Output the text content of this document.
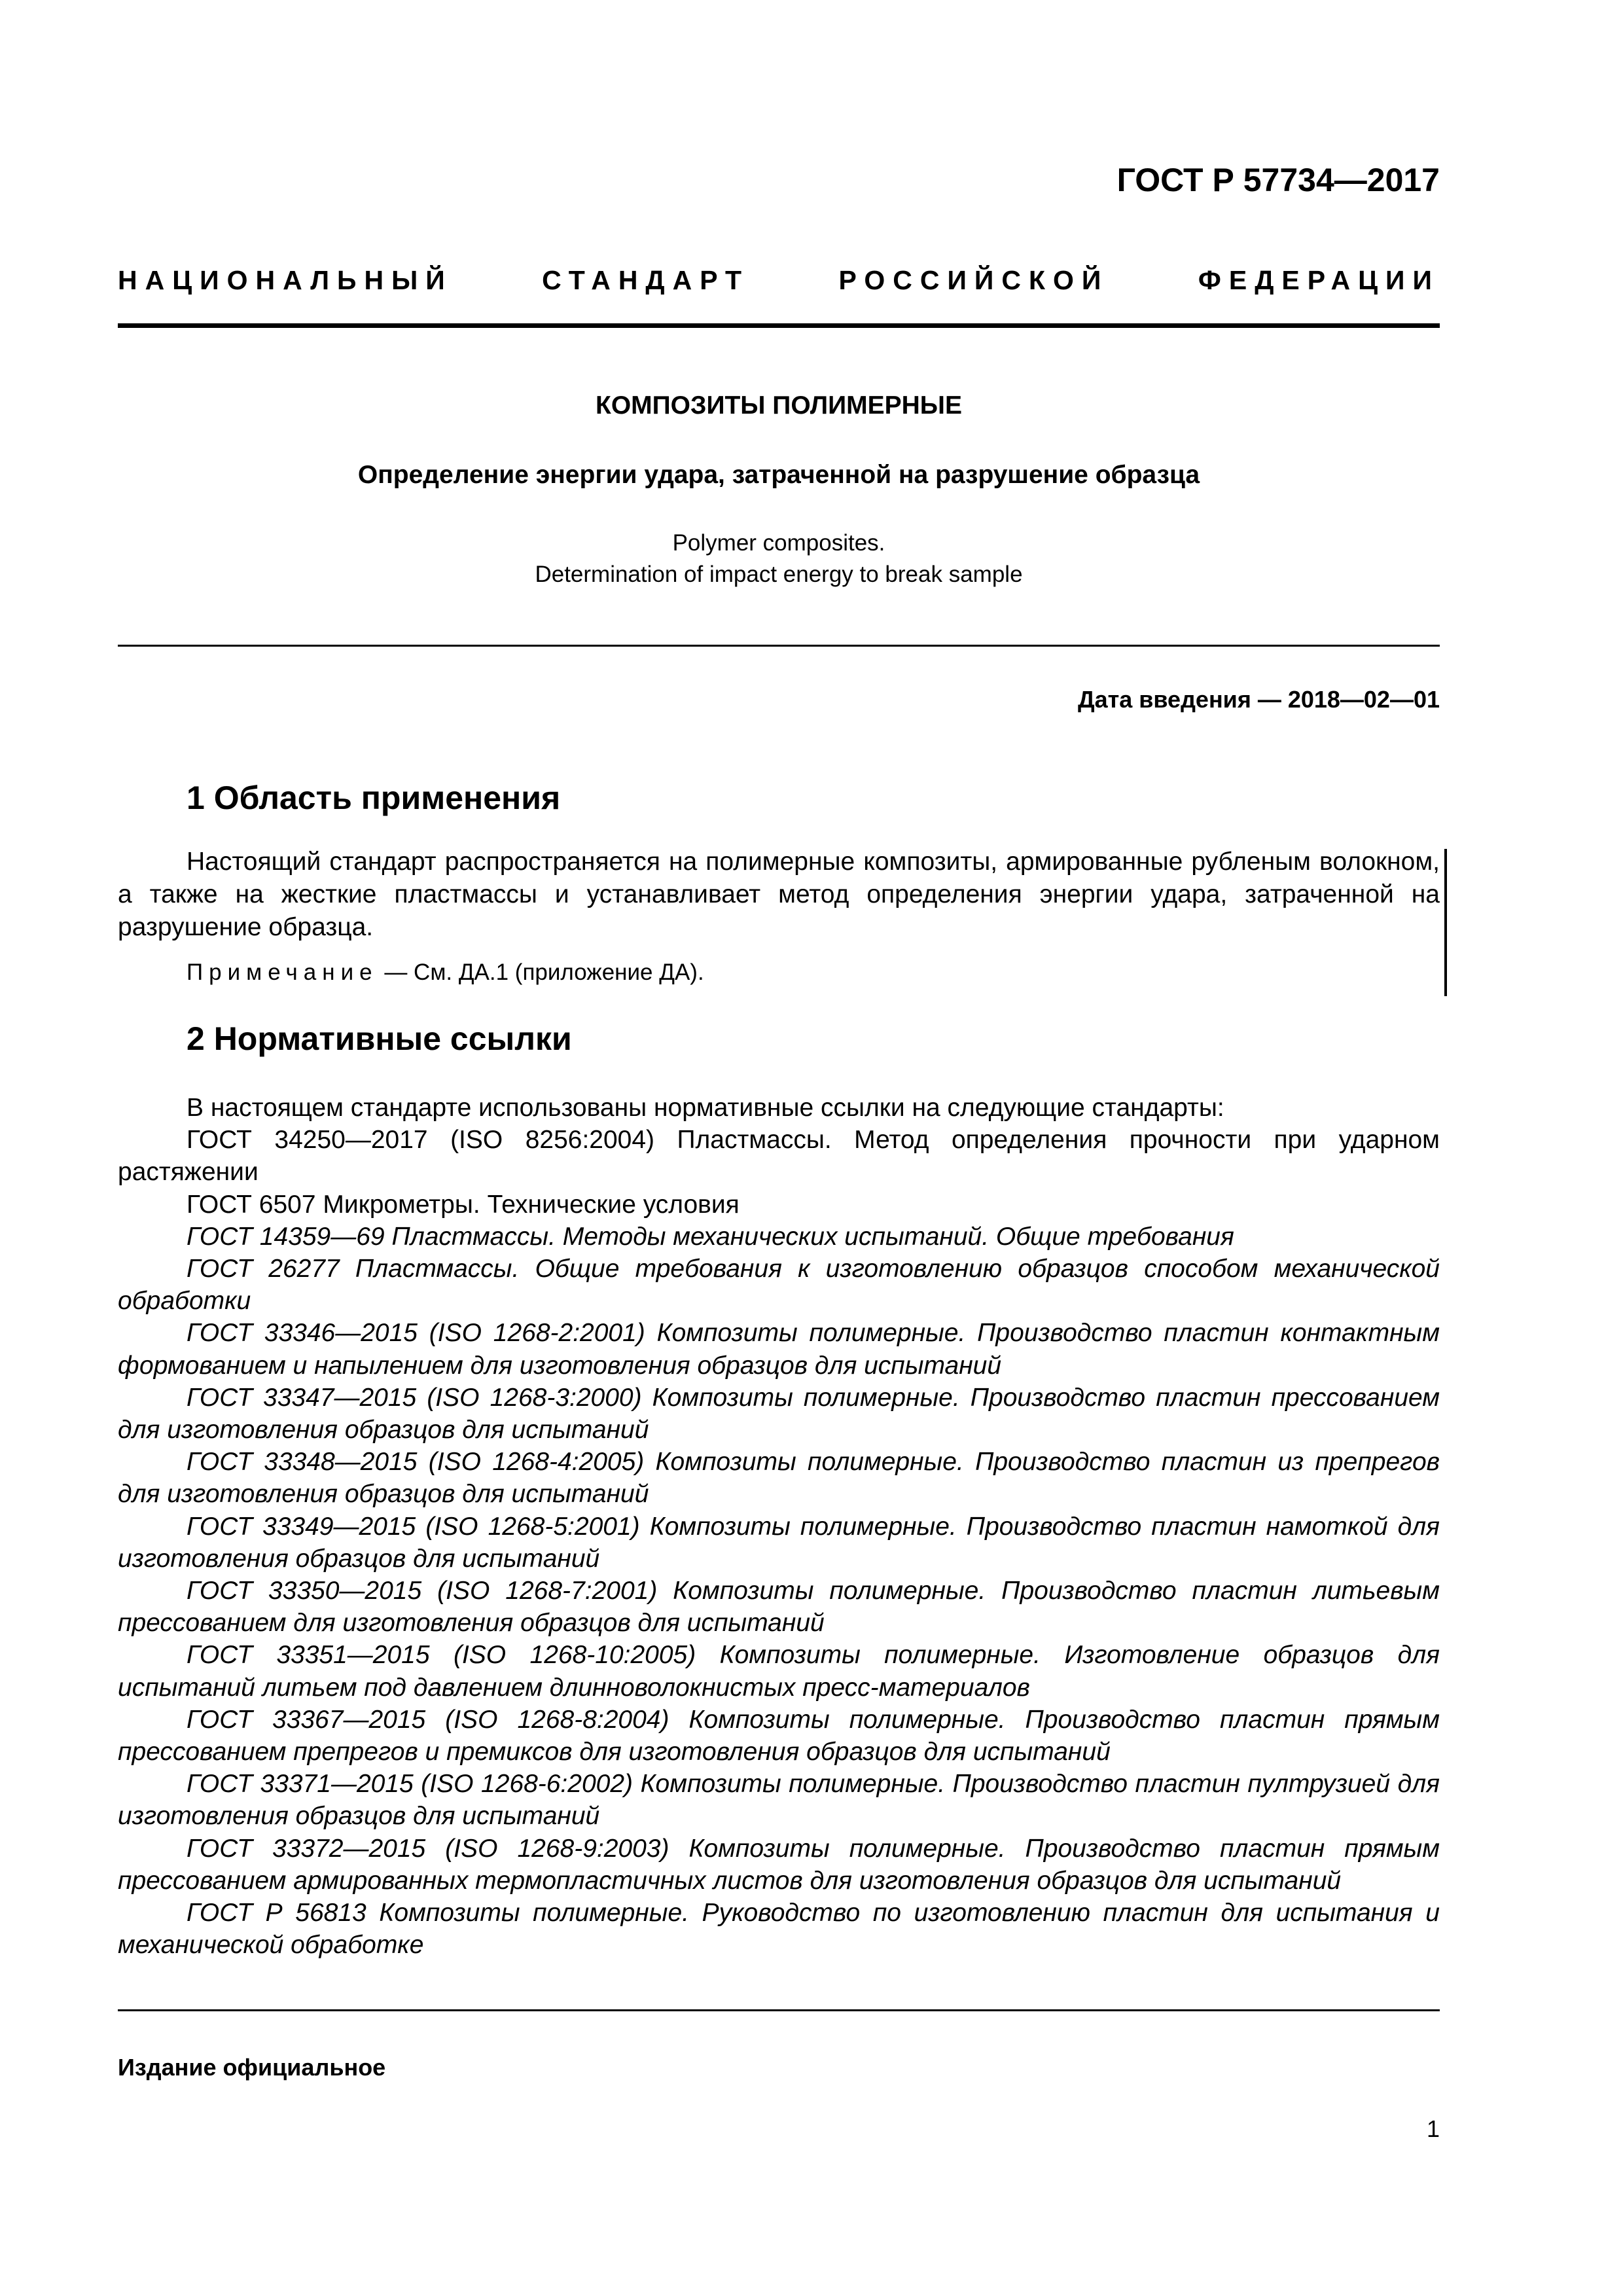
ГОСТ Р 57734—2017
НАЦИОНАЛЬНЫЙ	СТАНДАРТ	РОССИЙСКОЙ	ФЕДЕРАЦИИ
КОМПОЗИТЫ ПОЛИМЕРНЫЕ
Определение энергии удара, затраченной на разрушение образца
Polymer composites.
Determination of impact energy to break sample
Дата введения — 2018—02—01
1 Область применения

Настоящий стандарт распространяется на полимерные композиты, армированные рубленым волокном, а также на жесткие пластмассы и устанавливает метод определения энергии удара, затраченной на разрушение образца.

Примечание — См. ДА.1 (приложение ДА).
2 Нормативные ссылки
В настоящем стандарте использованы нормативные ссылки на следующие стандарты:
ГОСТ 34250—2017 (ISO 8256:2004) Пластмассы. Метод определения прочности при ударном растяжении
ГОСТ 6507 Микрометры. Технические условия
ГОСТ 14359—69 Пластмассы. Методы механических испытаний. Общие требования
ГОСТ 26277 Пластмассы. Общие требования к изготовлению образцов способом механической обработки
ГОСТ 33346—2015 (ISO 1268-2:2001) Композиты полимерные. Производство пластин контактным формованием и напылением для изготовления образцов для испытаний
ГОСТ 33347—2015 (ISO 1268-3:2000) Композиты полимерные. Производство пластин прессованием для изготовления образцов для испытаний
ГОСТ 33348—2015 (ISO 1268-4:2005) Композиты полимерные. Производство пластин из препрегов для изготовления образцов для испытаний
ГОСТ 33349—2015 (ISO 1268-5:2001) Композиты полимерные. Производство пластин намоткой для изготовления образцов для испытаний
ГОСТ 33350—2015 (ISO 1268-7:2001) Композиты полимерные. Производство пластин литьевым прессованием для изготовления образцов для испытаний
ГОСТ 33351—2015 (ISO 1268-10:2005) Композиты полимерные. Изготовление образцов для испытаний литьем под давлением длинноволокнистых пресс-материалов
ГОСТ 33367—2015 (ISO 1268-8:2004) Композиты полимерные. Производство пластин прямым прессованием препрегов и премиксов для изготовления образцов для испытаний
ГОСТ 33371—2015 (ISO 1268-6:2002) Композиты полимерные. Производство пластин пултрузией для изготовления образцов для испытаний
ГОСТ 33372—2015 (ISO 1268-9:2003) Композиты полимерные. Производство пластин прямым прессованием армированных термопластичных листов для изготовления образцов для испытаний
ГОСТ Р 56813 Композиты полимерные. Руководство по изготовлению пластин для испытания и механической обработке
Издание официальное
1
